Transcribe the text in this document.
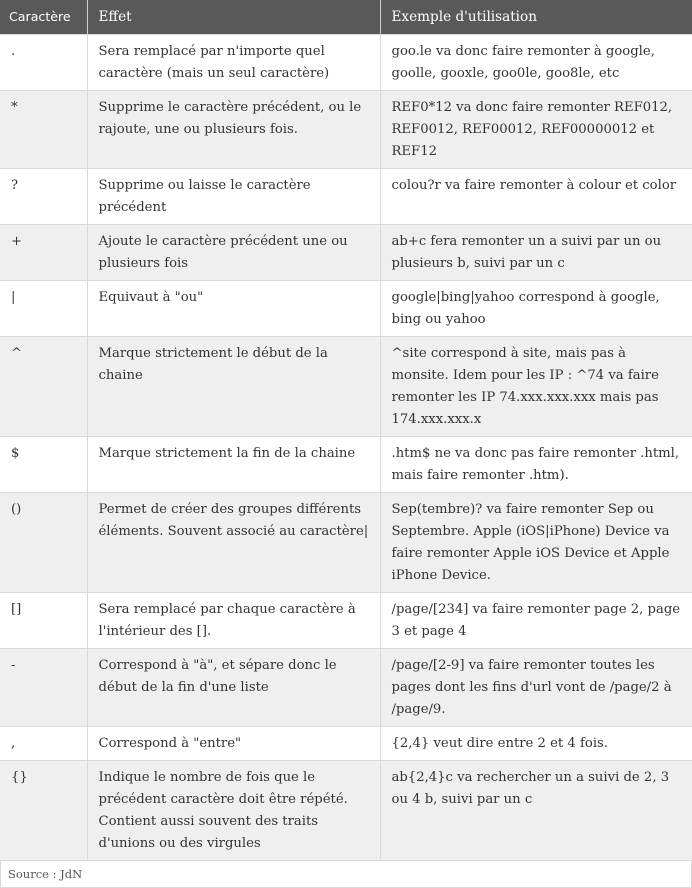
Caractère	Effet	Exemple d'utilisation
.	Sera remplacé par n'importe quel caractère (mais un seul caractère)	goo.le va donc faire remonter à google, goolle, gooxle, goo0le, goo8le, etc
*	Supprime le caractère précédent, ou le rajoute, une ou plusieurs fois.	REF0*12 va donc faire remonter REF012, REF0012, REF00012, REF00000012 et REF12
?	Supprime ou laisse le caractère précédent	colou?r va faire remonter à colour et color
+	Ajoute le caractère précédent une ou plusieurs fois	ab+c fera remonter un a suivi par un ou plusieurs b, suivi par un c
|	Equivaut à "ou"	google|bing|yahoo correspond à google, bing ou yahoo
^	Marque strictement le début de la chaine	^site correspond à site, mais pas à monsite. Idem pour les IP : ^74 va faire remonter les IP 74.xxx.xxx.xxx mais pas 174.xxx.xxx.x
$	Marque strictement la fin de la chaine	.htm$ ne va donc pas faire remonter .html, mais faire remonter .htm).
()	Permet de créer des groupes différents éléments. Souvent associé au caractère|	Sep(tembre)? va faire remonter Sep ou Septembre. Apple (iOS|iPhone) Device va faire remonter Apple iOS Device et Apple iPhone Device.
[]	Sera remplacé par chaque caractère à l'intérieur des [].	/page/[234] va faire remonter page 2, page 3 et page 4
-	Correspond à "à", et sépare donc le début de la fin d'une liste	/page/[2-9] va faire remonter toutes les pages dont les fins d'url vont de /page/2 à /page/9.
,	Correspond à "entre"	{2,4} veut dire entre 2 et 4 fois.
{}	Indique le nombre de fois que le précédent caractère doit être répété. Contient aussi souvent des traits d'unions ou des virgules	ab{2,4}c va rechercher un a suivi de 2, 3 ou 4 b, suivi par un c
Source : JdN
